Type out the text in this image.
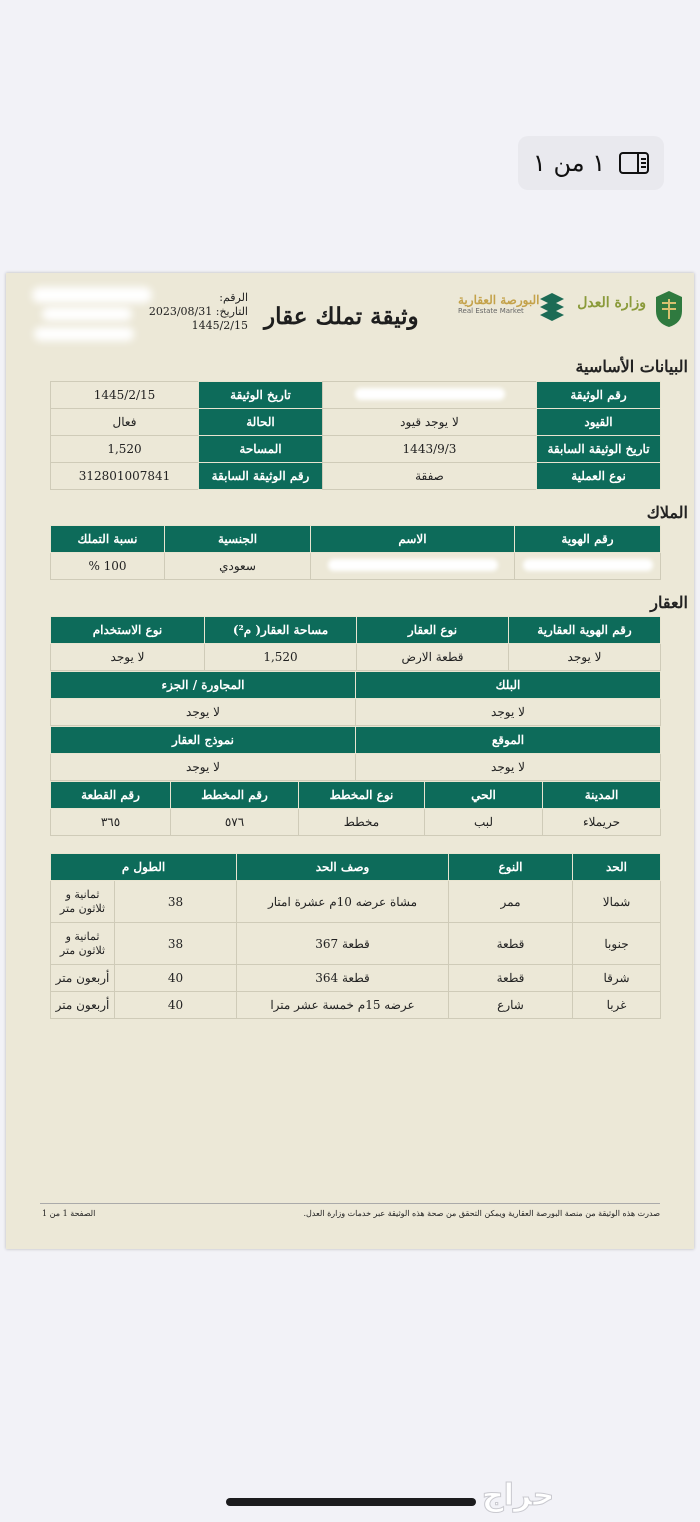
١ من ١
وزارة العدل
البورصة العقارية
Real Estate Market
وثيقة تملك عقار
الرقم:
التاريخ: 2023/08/31
1445/2/15
البيانات الأساسية
رقم الوثيقة		تاريخ الوثيقة	1445/2/15
القيود	لا يوجد قيود	الحالة	فعال
تاريخ الوثيقة السابقة	1443/9/3	المساحة	1,520
نوع العملية	صفقة	رقم الوثيقة السابقة	312801007841
الملاك
رقم الهوية	الاسم	الجنسية	نسبة التملك
		سعودي	100 %
العقار
رقم الهوية العقارية	نوع العقار	مساحة العقار( م²)	نوع الاستخدام
لا يوجد	قطعة الارض	1,520	لا يوجد
البلك	المجاورة / الجزء
لا يوجد	لا يوجد
الموقع	نموذج العقار
لا يوجد	لا يوجد
المدينة	الحي	نوع المخطط	رقم المخطط	رقم القطعة
حريملاء	لبب	مخطط	٥٧٦	٣٦٥
الحد	النوع	وصف الحد	الطول م	
شمالا	ممر	مشاة عرضه 10م عشرة امتار	38	ثمانية و ثلاثون متر
جنوبا	قطعة	قطعة 367	38	ثمانية و ثلاثون متر
شرقا	قطعة	قطعة 364	40	أربعون متر
غربا	شارع	عرضه 15م خمسة عشر مترا	40	أربعون متر
صدرت هذه الوثيقة من منصة البورصة العقارية ويمكن التحقق من صحة هذه الوثيقة عبر خدمات وزارة العدل.
الصفحة 1 من 1
حراج
